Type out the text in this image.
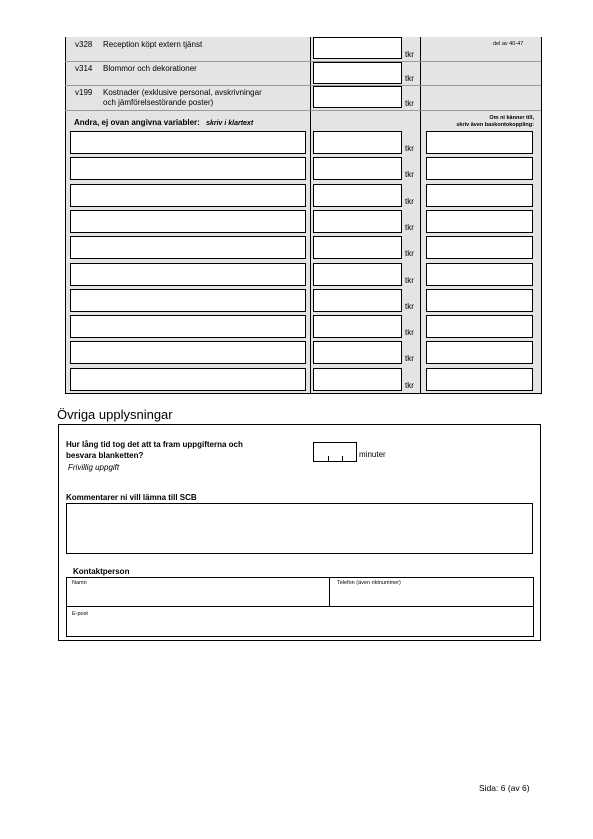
v328 Reception köpt extern tjänst
tkr
del av 40-47
v314 Blommor och dekorationer
tkr
v199 Kostnader (exklusive personal, avskrivningar
och jämförelsestörande poster)	tkr
Andra, ej ovan angivna variabler: skriv i klartext
Om ni känner till,
skriv även baskontokoppling:
tkr
tkr
tkr
tkr
tkr
tkr
tkr
tkr
tkr
tkr
Övriga upplysningar
Hur lång tid tog det att ta fram uppgifterna och
besvara blanketten?
Frivillig uppgift
minuter
Kommentarer ni vill lämna till SCB
Kontaktperson
Namn	Telefon (även riktnummer)
E-post
Sida: 6 (av 6)
